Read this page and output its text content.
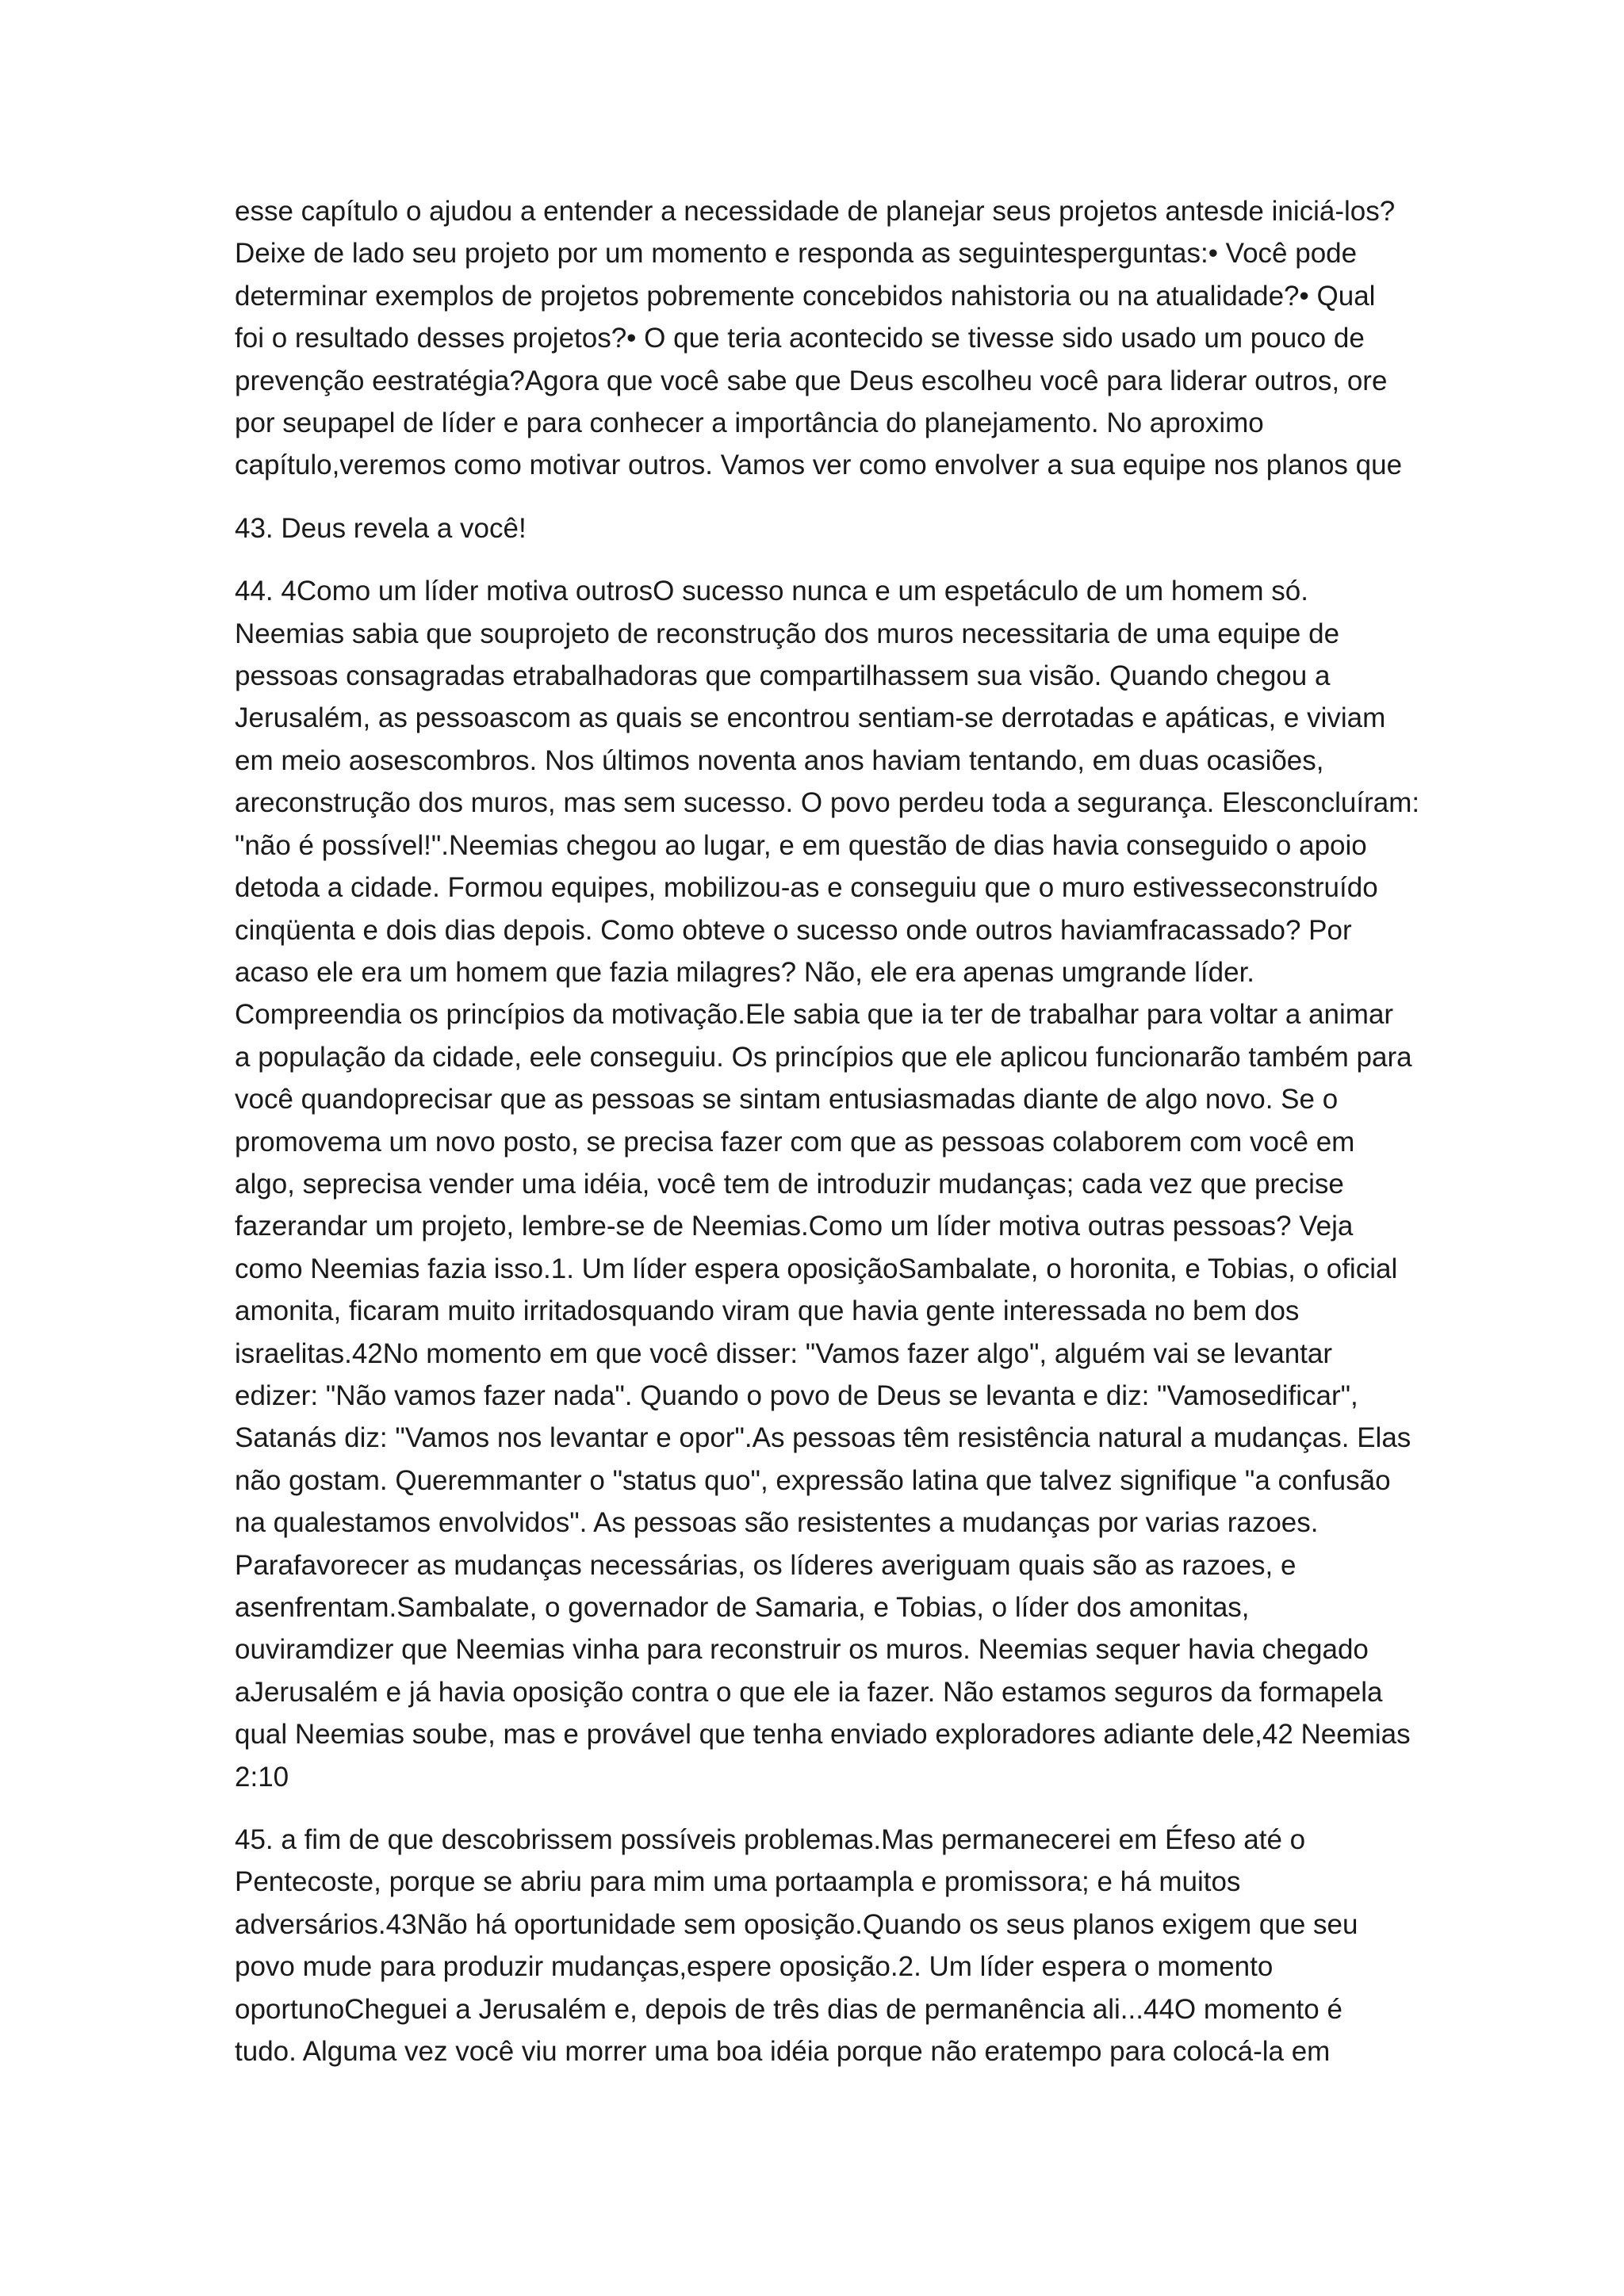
esse capítulo o ajudou a entender a necessidade de planejar seus projetos antesde iniciá-los?
Deixe de lado seu projeto por um momento e responda as seguintesperguntas:• Você pode
determinar exemplos de projetos pobremente concebidos nahistoria ou na atualidade?• Qual
foi o resultado desses projetos?• O que teria acontecido se tivesse sido usado um pouco de
prevenção eestratégia?Agora que você sabe que Deus escolheu você para liderar outros, ore
por seupapel de líder e para conhecer a importância do planejamento. No aproximo
capítulo,veremos como motivar outros. Vamos ver como envolver a sua equipe nos planos que

43. Deus revela a você!

44. 4Como um líder motiva outrosO sucesso nunca e um espetáculo de um homem só.
Neemias sabia que souprojeto de reconstrução dos muros necessitaria de uma equipe de
pessoas consagradas etrabalhadoras que compartilhassem sua visão. Quando chegou a
Jerusalém, as pessoascom as quais se encontrou sentiam-se derrotadas e apáticas, e viviam
em meio aosescombros. Nos últimos noventa anos haviam tentando, em duas ocasiões,
areconstrução dos muros, mas sem sucesso. O povo perdeu toda a segurança. Elesconcluíram:
"não é possível!".Neemias chegou ao lugar, e em questão de dias havia conseguido o apoio
detoda a cidade. Formou equipes, mobilizou-as e conseguiu que o muro estivesseconstruído
cinqüenta e dois dias depois. Como obteve o sucesso onde outros haviamfracassado? Por
acaso ele era um homem que fazia milagres? Não, ele era apenas umgrande líder.
Compreendia os princípios da motivação.Ele sabia que ia ter de trabalhar para voltar a animar
a população da cidade, eele conseguiu. Os princípios que ele aplicou funcionarão também para
você quandoprecisar que as pessoas se sintam entusiasmadas diante de algo novo. Se o
promovema um novo posto, se precisa fazer com que as pessoas colaborem com você em
algo, seprecisa vender uma idéia, você tem de introduzir mudanças; cada vez que precise
fazerandar um projeto, lembre-se de Neemias.Como um líder motiva outras pessoas? Veja
como Neemias fazia isso.1. Um líder espera oposiçãoSambalate, o horonita, e Tobias, o oficial
amonita, ficaram muito irritadosquando viram que havia gente interessada no bem dos
israelitas.42No momento em que você disser: "Vamos fazer algo", alguém vai se levantar
edizer: "Não vamos fazer nada". Quando o povo de Deus se levanta e diz: "Vamosedificar",
Satanás diz: "Vamos nos levantar e opor".As pessoas têm resistência natural a mudanças. Elas
não gostam. Queremmanter o "status quo", expressão latina que talvez signifique "a confusão
na qualestamos envolvidos". As pessoas são resistentes a mudanças por varias razoes.
Parafavorecer as mudanças necessárias, os líderes averiguam quais são as razoes, e
asenfrentam.Sambalate, o governador de Samaria, e Tobias, o líder dos amonitas,
ouviramdizer que Neemias vinha para reconstruir os muros. Neemias sequer havia chegado
aJerusalém e já havia oposição contra o que ele ia fazer. Não estamos seguros da formapela
qual Neemias soube, mas e provável que tenha enviado exploradores adiante dele,42 Neemias
2:10

45. a fim de que descobrissem possíveis problemas.Mas permanecerei em Éfeso até o
Pentecoste, porque se abriu para mim uma portaampla e promissora; e há muitos
adversários.43Não há oportunidade sem oposição.Quando os seus planos exigem que seu
povo mude para produzir mudanças,espere oposição.2. Um líder espera o momento
oportunoCheguei a Jerusalém e, depois de três dias de permanência ali...44O momento é
tudo. Alguma vez você viu morrer uma boa idéia porque não eratempo para colocá-la em
